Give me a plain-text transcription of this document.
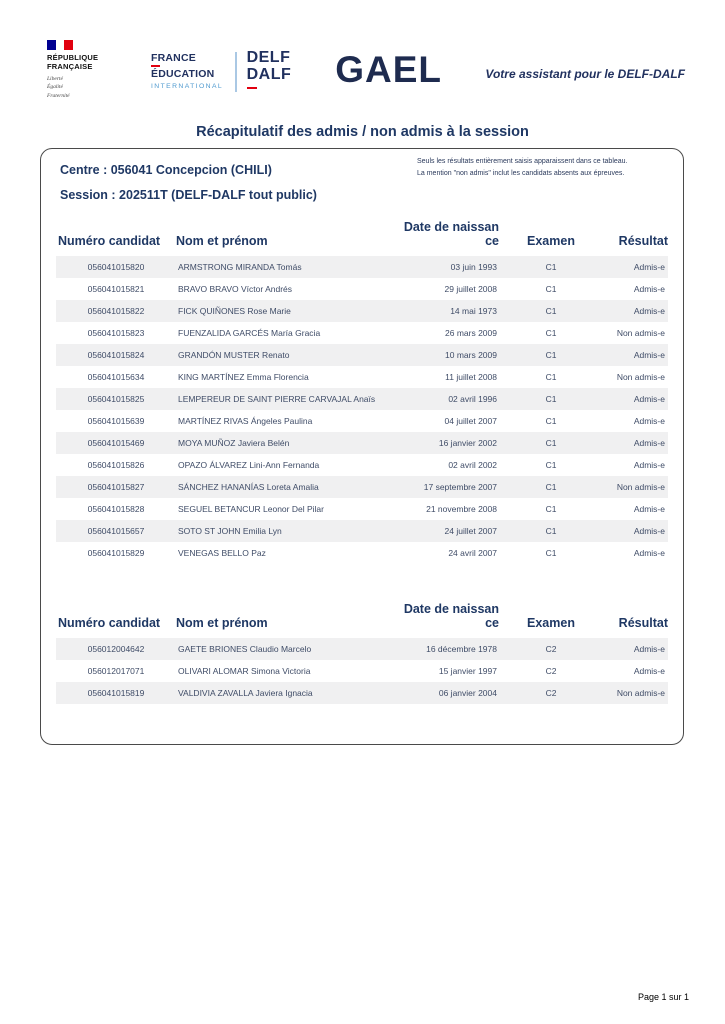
RÉPUBLIQUE
FRANÇAISE
Liberté
Égalité
Fraternité
FRANCE
ÉDUCATION
INTERNATIONAL
DELF
DALF GAEL	Votre assistant pour le DELF-DALF
Récapitulatif des admis / non admis à la session
Seuls les résultats entièrement saisis apparaissent dans ce tableau.
La mention "non admis" inclut les candidats absents aux épreuves.
Centre : 056041 Concepcion (CHILI)
Session : 202511T (DELF-DALF tout public)
Numéro candidat	Nom et prénom	Date de naissance	Examen	Résultat
056041015820	ARMSTRONG MIRANDA Tomás	03 juin 1993	C1	Admis-e
056041015821	BRAVO BRAVO Víctor Andrés	29 juillet 2008	C1	Admis-e
056041015822	FICK QUIÑONES Rose Marie	14 mai 1973	C1	Admis-e
056041015823	FUENZALIDA GARCÉS María Gracia	26 mars 2009	C1	Non admis-e
056041015824	GRANDÓN MUSTER Renato	10 mars 2009	C1	Admis-e
056041015634	KING MARTÍNEZ Emma Florencia	11 juillet 2008	C1	Non admis-e
056041015825	LEMPEREUR DE SAINT PIERRE CARVAJAL Anaïs	02 avril 1996	C1	Admis-e
056041015639	MARTÍNEZ RIVAS Ángeles Paulina	04 juillet 2007	C1	Admis-e
056041015469	MOYA MUÑOZ Javiera Belén	16 janvier 2002	C1	Admis-e
056041015826	OPAZO ÁLVAREZ Lini-Ann Fernanda	02 avril 2002	C1	Admis-e
056041015827	SÁNCHEZ HANANÍAS Loreta Amalia	17 septembre 2007	C1	Non admis-e
056041015828	SEGUEL BETANCUR Leonor Del Pilar	21 novembre 2008	C1	Admis-e
056041015657	SOTO ST JOHN Emilia Lyn	24 juillet 2007	C1	Admis-e
056041015829	VENEGAS BELLO Paz	24 avril 2007	C1	Admis-e
Numéro candidat	Nom et prénom	Date de naissance	Examen	Résultat
056012004642	GAETE BRIONES Claudio Marcelo	16 décembre 1978	C2	Admis-e
056012017071	OLIVARI ALOMAR Simona Victoria	15 janvier 1997	C2	Admis-e
056041015819	VALDIVIA ZAVALLA Javiera Ignacia	06 janvier 2004	C2	Non admis-e
Page 1 sur 1
